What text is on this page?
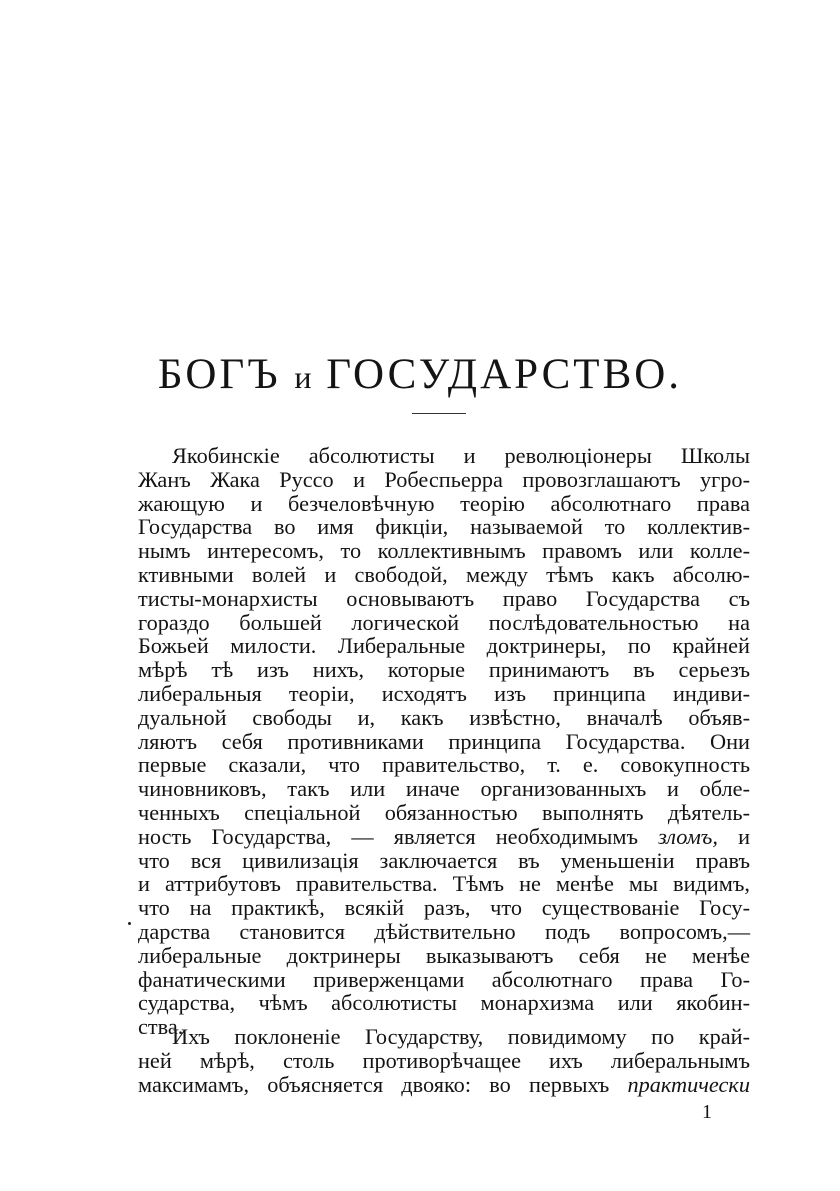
БОГЪ и ГОСУДАРСТВО.
Якобинскіе абсолютисты и революціонеры Школы
Жанъ Жака Руссо и Робеспьерра провозглашаютъ угро-
жающую и безчеловѣчную теорію абсолютнаго права
Государства во имя фикціи, называемой то коллектив-
нымъ интересомъ, то коллективнымъ правомъ или колле-
ктивными волей и свободой, между тѣмъ какъ абсолю-
тисты-монархисты основываютъ право Государства съ
гораздо большей логической послѣдовательностью на
Божьей милости. Либеральные доктринеры, по крайней
мѣрѣ тѣ изъ нихъ, которые принимаютъ въ серьезъ
либеральныя теоріи, исходятъ изъ принципа индиви-
дуальной свободы и, какъ извѣстно, вначалѣ объяв-
ляютъ себя противниками принципа Государства. Они
первые сказали, что правительство, т. е. совокупность
чиновниковъ, такъ или иначе организованныхъ и обле-
ченныхъ спеціальной обязанностью выполнять дѣятель-
ность Государства, — является необходимымъ зломъ, и
что вся цивилизація заключается въ уменьшеніи правъ
и аттрибутовъ правительства. Тѣмъ не менѣе мы видимъ,
что на практикѣ, всякій разъ, что существованіе Госу-
дарства становится дѣйствительно подъ вопросомъ,—
либеральные доктринеры выказываютъ себя не менѣе
фанатическими приверженцами абсолютнаго права Го-
сударства, чѣмъ абсолютисты монархизма или якобин-
ства.
Ихъ поклоненіе Государству, повидимому по край-
ней мѣрѣ, столь противорѣчащее ихъ либеральнымъ
максимамъ, объясняется двояко: во первыхъ практически
1
